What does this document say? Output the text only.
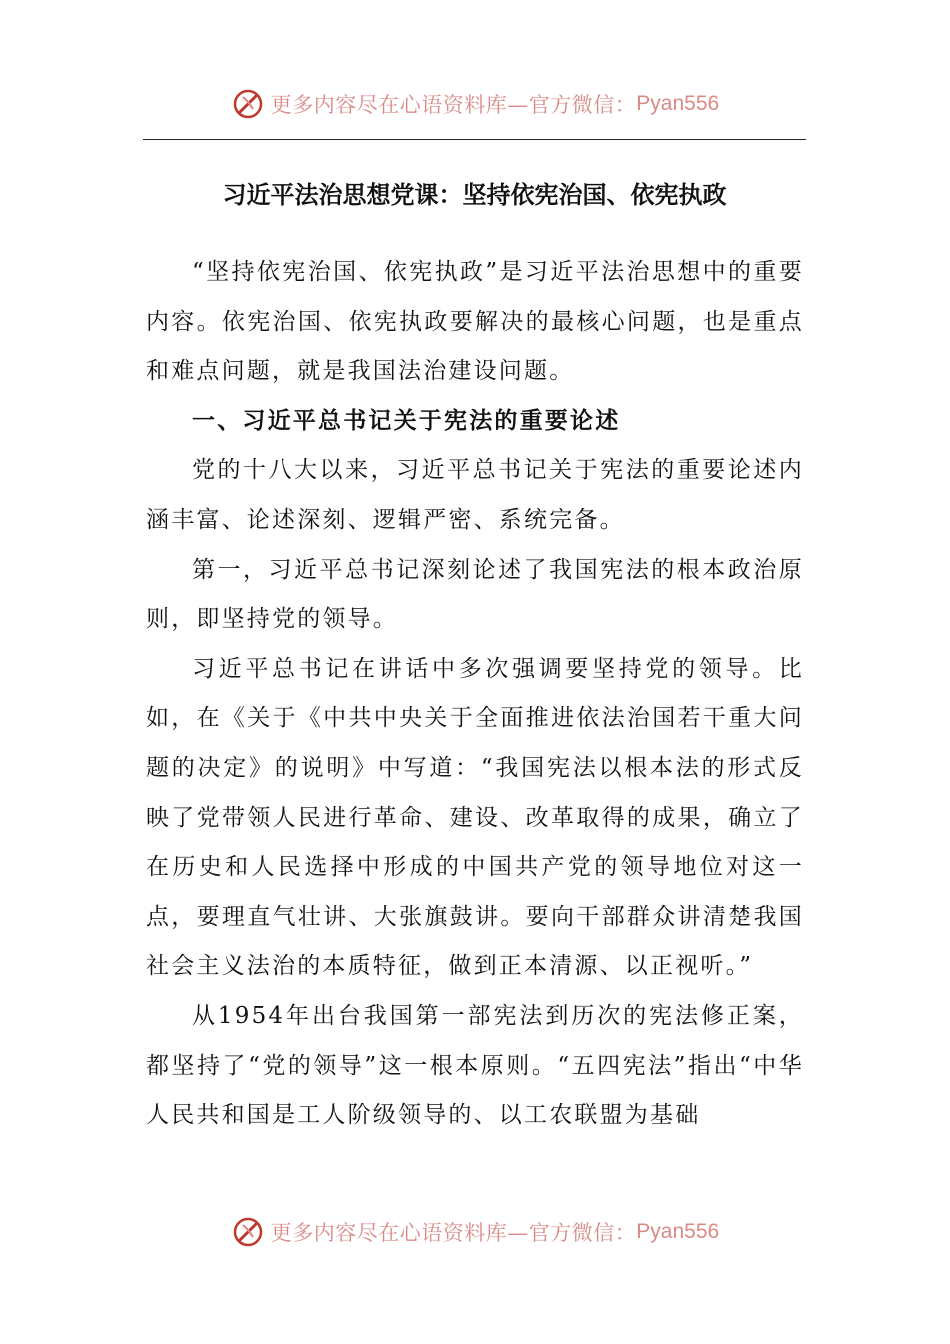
更多内容尽在心语资料库—官方微信： Pyan556
习近平法治思想党课：坚持依宪治国、依宪执政

“坚持依宪治国、依宪执政”是习近平法治思想中的重要内容。依宪治国、依宪执政要解决的最核心问题，也是重点和难点问题，就是我国法治建设问题。

一、习近平总书记关于宪法的重要论述

党的十八大以来，习近平总书记关于宪法的重要论述内涵丰富、论述深刻、逻辑严密、系统完备。

第一，习近平总书记深刻论述了我国宪法的根本政治原则，即坚持党的领导。

习近平总书记在讲话中多次强调要坚持党的领导。比如，在《关于《中共中央关于全面推进依法治国若干重大问题的决定》的说明》中写道：“我国宪法以根本法的形式反映了党带领人民进行革命、建设、改革取得的成果，确立了在历史和人民选择中形成的中国共产党的领导地位对这一点，要理直气壮讲、大张旗鼓讲。要向干部群众讲清楚我国社会主义法治的本质特征，做到正本清源、以正视听。”

从1954年出台我国第一部宪法到历次的宪法修正案，都坚持了“党的领导”这一根本原则。“五四宪法”指出“中华人民共和国是工人阶级领导的、以工农联盟为基础

更多内容尽在心语资料库—官方微信： Pyan556
